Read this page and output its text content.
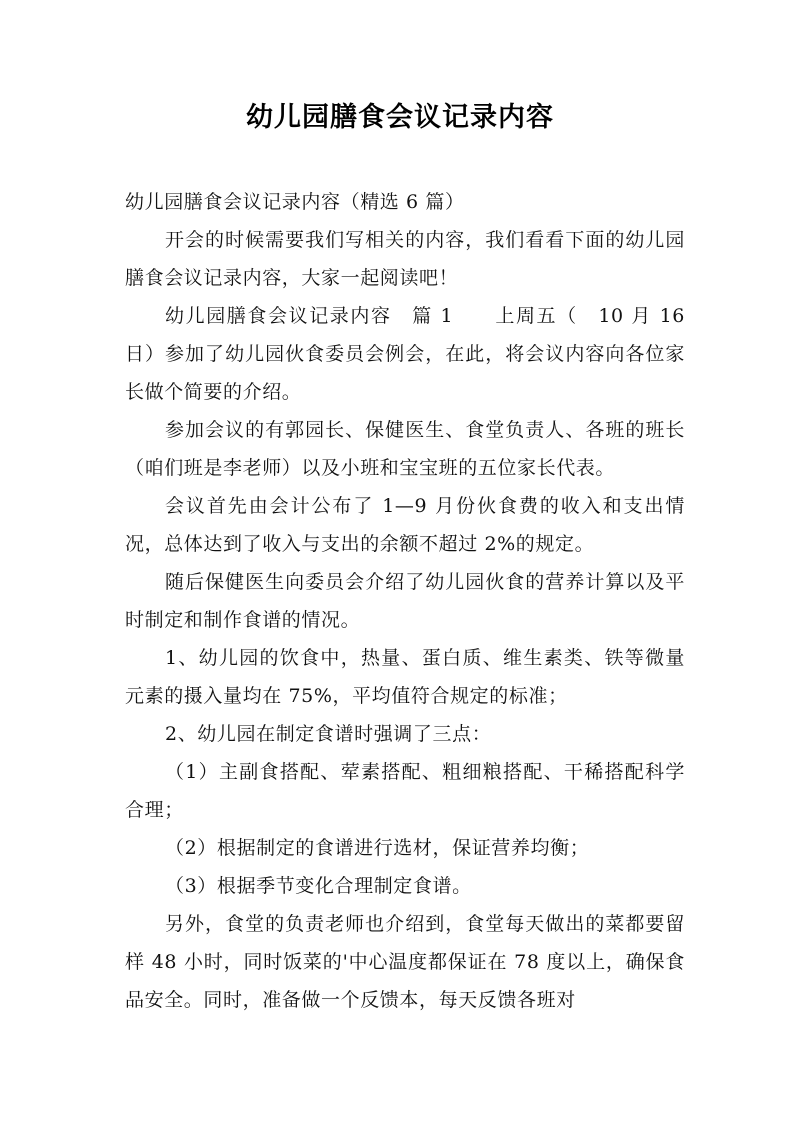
幼儿园膳食会议记录内容

幼儿园膳食会议记录内容（精选 6 篇）

开会的时候需要我们写相关的内容，我们看看下面的幼儿园膳食会议记录内容，大家一起阅读吧！

幼儿园膳食会议记录内容　篇 1　　上周五（　10 月 16 日）参加了幼儿园伙食委员会例会，在此，将会议内容向各位家长做个简要的介绍。

参加会议的有郭园长、保健医生、食堂负责人、各班的班长（咱们班是李老师）以及小班和宝宝班的五位家长代表。

会议首先由会计公布了 1—9 月份伙食费的收入和支出情况，总体达到了收入与支出的余额不超过 2%的规定。

随后保健医生向委员会介绍了幼儿园伙食的营养计算以及平时制定和制作食谱的情况。

1、幼儿园的饮食中，热量、蛋白质、维生素类、铁等微量元素的摄入量均在 75%，平均值符合规定的标准；

2、幼儿园在制定食谱时强调了三点：

（1）主副食搭配、荤素搭配、粗细粮搭配、干稀搭配科学合理；

（2）根据制定的食谱进行选材，保证营养均衡；

（3）根据季节变化合理制定食谱。

另外，食堂的负责老师也介绍到，食堂每天做出的菜都要留样 48 小时，同时饭菜的'中心温度都保证在 78 度以上，确保食品安全。同时，准备做一个反馈本，每天反馈各班对
